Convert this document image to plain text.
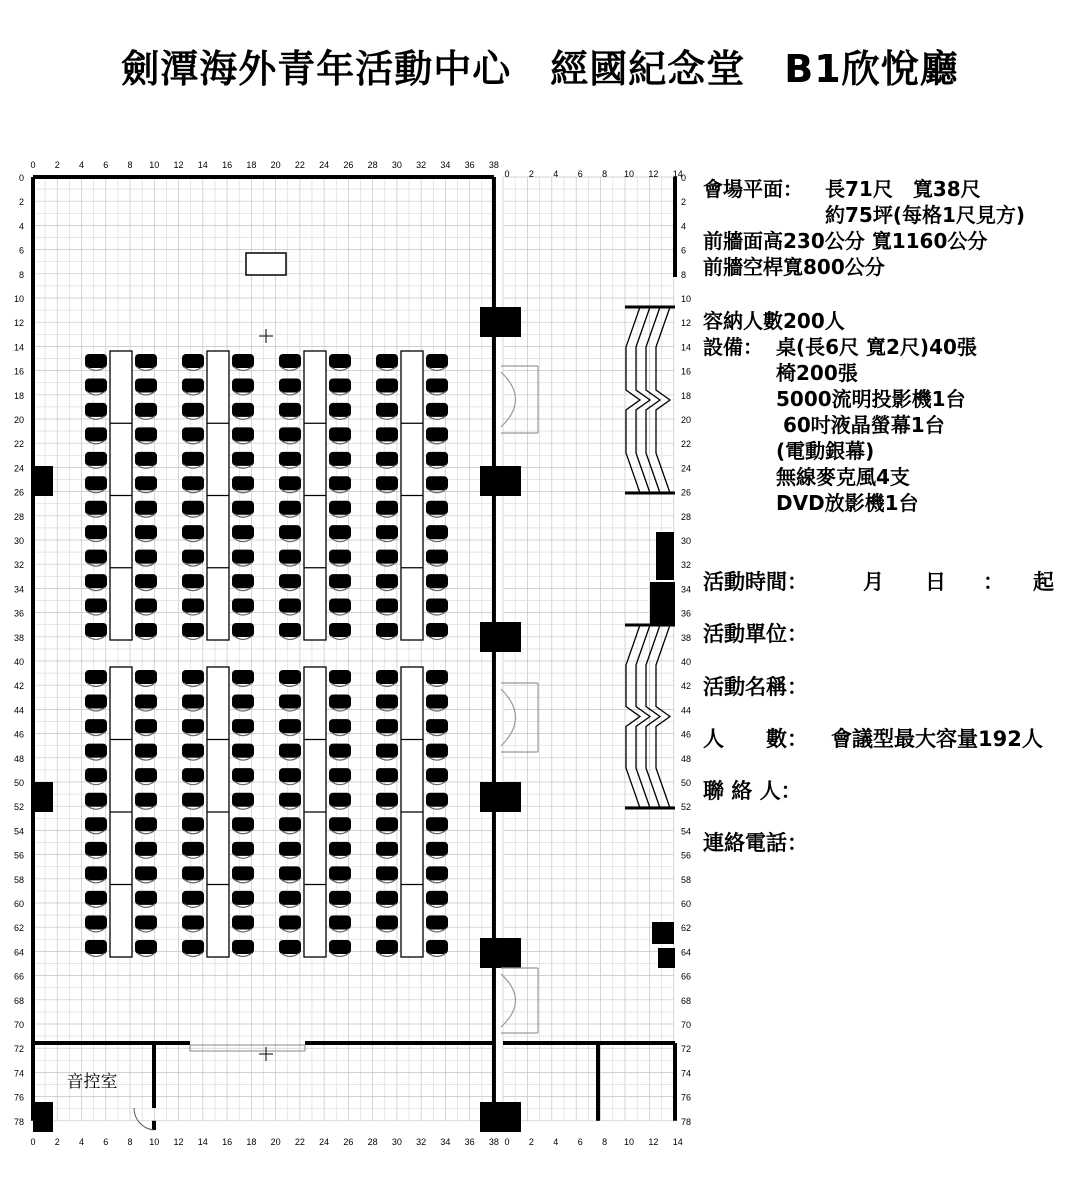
劍潭海外青年活動中心　經國紀念堂　B1欣悅廳
0
0
2
2
4
4
6
6
8
8
10
10
12
12
14
14
16
16
18
18
20
20
22
22
24
24
26
26
28
28
30
30
32
32
34
34
36
36
38
38
0
0
2
2
4
4
6
6
8
8
10
10
12
12
14
14
0	0
2	2
4	4
6	6
8	8
10	10
12	12
14	14
16	16
18	18
20	20
22	22
24	24
26	26
28	28
30	30
32	32
34	34
36	36
38	38
40	40
42	42
44	44
46	46
48	48
50	50
52	52
54	54
56	56
58	58
60	60
62	62
64	64
66	66
68	68
70	70
72	72
74	74
76	76
78	78
音控室
會場平面： 長71尺　寬38尺
約75坪(每格1尺見方)
前牆面高230公分 寬1160公分
前牆空桿寬800公分
容納人數200人
設備： 桌(長6尺 寬2尺)40張
椅200張
5000流明投影機1台
60吋液晶螢幕1台
(電動銀幕)
無線麥克風4支
DVD放影機1台
活動時間：	月 日 ： 起
活動單位：
活動名稱：
人　　數： 會議型最大容量192人
聯 絡 人：
連絡電話：
